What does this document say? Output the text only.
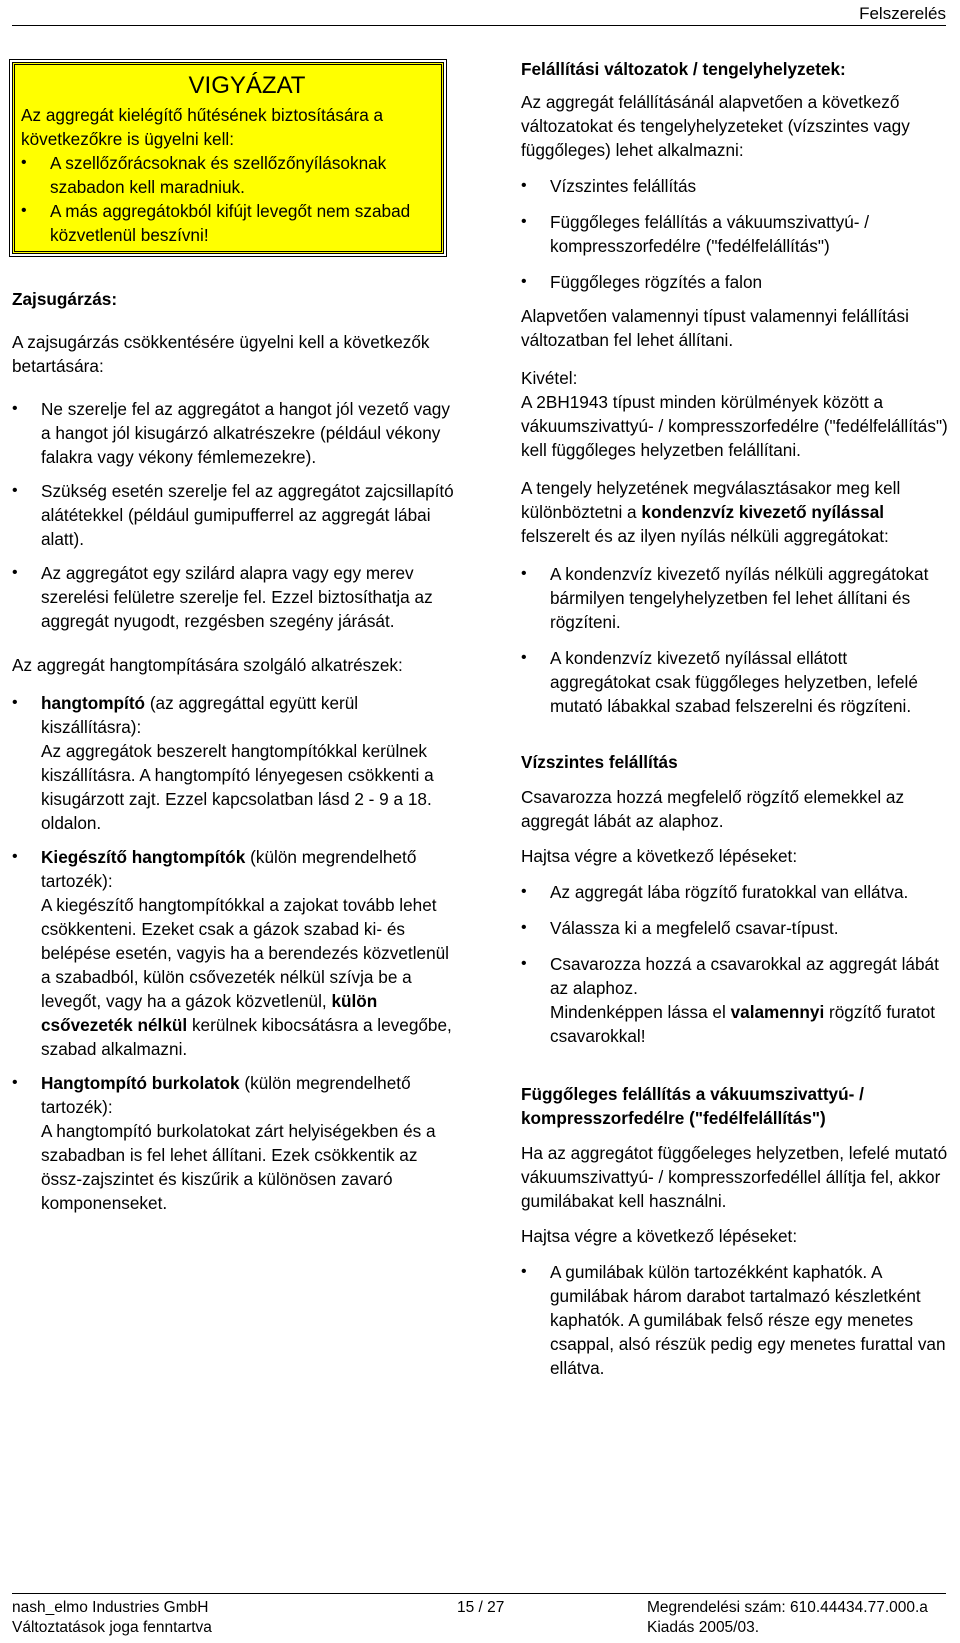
Felszerelés
VIGYÁZAT

Az aggregát kielégítő hűtésének biztosítására a következőkre is ügyelni kell:

• A szellőzőrácsoknak és szellőzőnyílásoknak szabadon kell maradniuk.
• A más aggregátokból kifújt levegőt nem szabad közvetlenül beszívni!

Zajsugárzás:

A zajsugárzás csökkentésére ügyelni kell a következők betartására:

• Ne szerelje fel az aggregátot a hangot jól vezető vagy a hangot jól kisugárzó alkatrészekre (például vékony falakra vagy vékony fémlemezekre).
• Szükség esetén szerelje fel az aggregátot zajcsillapító alátétekkel (például gumipufferrel az aggregát lábai alatt).
• Az aggregátot egy szilárd alapra vagy egy merev szerelési felületre szerelje fel. Ezzel biztosíthatja az aggregát nyugodt, rezgésben szegény járását.

Az aggregát hangtompítására szolgáló alkatrészek:

• hangtompító (az aggregáttal együtt kerül kiszállításra):
Az aggregátok beszerelt hangtompítókkal kerülnek kiszállításra. A hangtompító lényegesen csökkenti a kisugárzott zajt. Ezzel kapcsolatban lásd 2 - 9 a 18. oldalon.
• Kiegészítő hangtompítók (külön megrendelhető tartozék):
A kiegészítő hangtompítókkal a zajokat tovább lehet csökkenteni. Ezeket csak a gázok szabad ki- és belépése esetén, vagyis ha a berendezés közvetlenül a szabadból, külön csővezeték nélkül szívja be a levegőt, vagy ha a gázok közvetlenül, külön csővezeték nélkül kerülnek kibocsátásra a levegőbe, szabad alkalmazni.
• Hangtompító burkolatok (külön megrendelhető tartozék):
A hangtompító burkolatokat zárt helyiségekben és a szabadban is fel lehet állítani. Ezek csökkentik az össz-zajszintet és kiszűrik a különösen zavaró komponenseket.

Felállítási változatok / tengelyhelyzetek:

Az aggregát felállításánál alapvetően a következő változatokat és tengelyhelyzeteket (vízszintes vagy függőleges) lehet alkalmazni:

• Vízszintes felállítás
• Függőleges felállítás a vákuumszivattyú- / kompresszorfedélre ("fedélfelállítás")
• Függőleges rögzítés a falon

Alapvetően valamennyi típust valamennyi felállítási változatban fel lehet állítani.

Kivétel:

A 2BH1943 típust minden körülmények között a vákuumszivattyú- / kompresszorfedélre ("fedélfelállítás") kell függőleges helyzetben felállítani.

A tengely helyzetének megválasztásakor meg kell különböztetni a kondenzvíz kivezető nyílással felszerelt és az ilyen nyílás nélküli aggregátokat:

• A kondenzvíz kivezető nyílás nélküli aggregátokat bármilyen tengelyhelyzetben fel lehet állítani és rögzíteni.
• A kondenzvíz kivezető nyílással ellátott aggregátokat csak függőleges helyzetben, lefelé mutató lábakkal szabad felszerelni és rögzíteni.

Vízszintes felállítás

Csavarozza hozzá megfelelő rögzítő elemekkel az aggregát lábát az alaphoz.

Hajtsa végre a következő lépéseket:

• Az aggregát lába rögzítő furatokkal van ellátva.
• Válassza ki a megfelelő csavar-típust.
• Csavarozza hozzá a csavarokkal az aggregát lábát az alaphoz.
Mindenképpen lássa el valamennyi rögzítő furatot csavarokkal!

Függőleges felállítás a vákuumszivattyú- / kompresszorfedélre ("fedélfelállítás")

Ha az aggregátot függőeleges helyzetben, lefelé mutató vákuumszivattyú- / kompresszorfedéllel állítja fel, akkor gumilábakat kell használni.

Hajtsa végre a következő lépéseket:

• A gumilábak külön tartozékként kaphatók. A gumilábak három darabot tartalmazó készletként kaphatók. A gumilábak felső része egy menetes csappal, alsó részük pedig egy menetes furattal van ellátva.
nash_elmo Industries GmbH
Változtatások joga fenntartva
15 / 27	Megrendelési szám: 610.44434.77.000.a
Kiadás 2005/03.
